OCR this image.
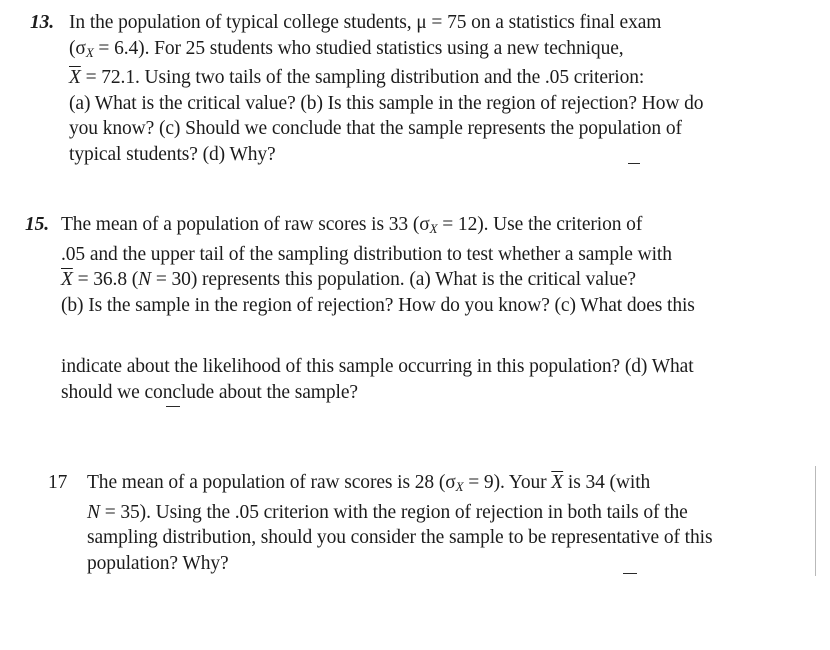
13. In the population of typical college students, μ = 75 on a statistics final exam
$(\sigma_X = 6.4)$. For 25 students who studied statistics using a new technique,
$\overline{X} = 72.1$. Using two tails of the sampling distribution and the .05 criterion:
(a) What is the critical value? (b) Is this sample in the region of rejection? How do
you know? (c) Should we conclude that the sample represents the population of
typical students? (d) Why?
15. The mean of a population of raw scores is 33 $(\sigma_X = 12)$. Use the criterion of
.05 and the upper tail of the sampling distribution to test whether a sample with
$\overline{X} = 36.8$ (N = 30) represents this population. (a) What is the critical value?
(b) Is the sample in the region of rejection? How do you know? (c) What does this
indicate about the likelihood of this sample occurring in this population? (d) What
should we conclude about the sample?
17 The mean of a population of raw scores is 28 $(\sigma_X = 9)$. Your $\overline{X}$ is 34 (with
N = 35). Using the .05 criterion with the region of rejection in both tails of the
sampling distribution, should you consider the sample to be representative of this
population? Why?
